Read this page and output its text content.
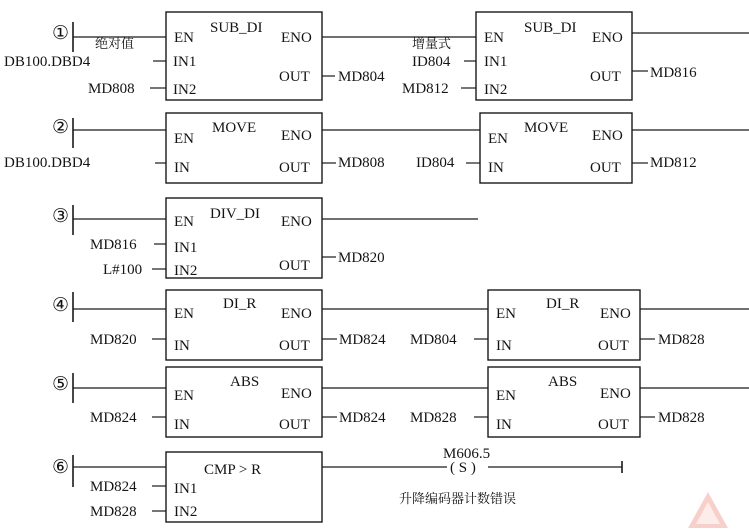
①	SUB_DI
EN	ENO
IN1
IN2
OUT
绝对值
DB100.DBD4
MD808
MD804
SUB_DI
EN	ENO
IN1
IN2
OUT
增量式
ID804
MD812
MD816
②	MOVE
EN	ENO
IN	OUT
DB100.DBD4	MD808
MOVE
EN	ENO
IN	OUT
ID804	MD812
③	DIV_DI
EN	ENO
IN1
IN2	OUT
MD816
L#100
MD820
④	DI_R
EN	ENO
IN	OUT
MD820	MD824
DI_R
EN	ENO
IN	OUT
MD804	MD828
⑤	ABS
EN	ENO
IN	OUT
MD824	MD824
ABS
EN	ENO
IN	OUT
MD828	MD828
⑥	CMP > R
IN1
IN2
MD824
MD828
M606.5
( S )
升降编码器计数错误
